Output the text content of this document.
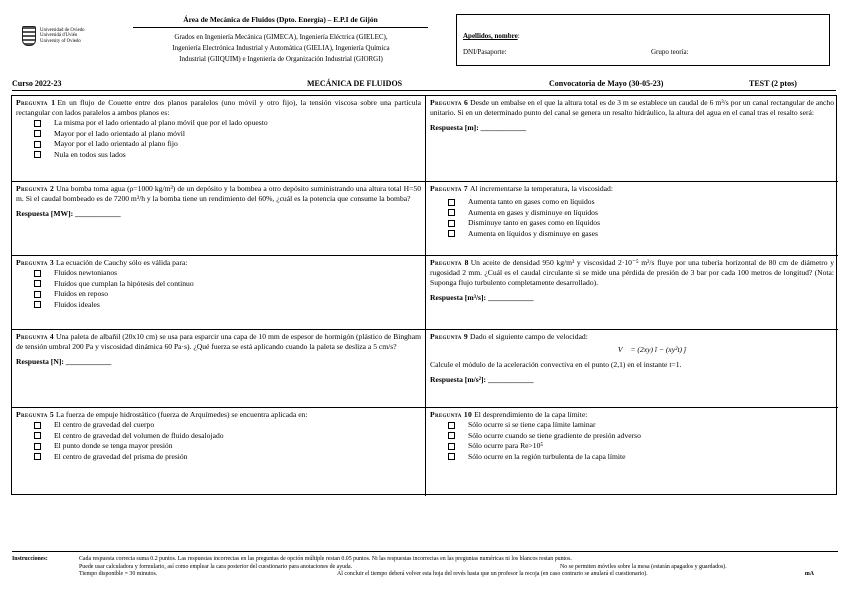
Universidad de Oviedo
Universidá d'Uviéu
University of Oviedo
Área de Mecánica de Fluidos (Dpto. Energía) – E.P.I de Gijón
Grados en Ingeniería Mecánica (GIMECA), Ingeniería Eléctrica (GIELEC),
Ingeniería Electrónica Industrial y Automática (GIELIA), Ingeniería Química
Industrial (GIIQUIM) e Ingeniería de Organización Industrial (GIORGI)
Apellidos, nombre:
DNI/Pasaporte:	Grupo teoría:
Curso 2022-23	MECÁNICA DE FLUIDOS	Convocatoria de Mayo (30-05-23)	TEST (2 ptos)
Pregunta 1 En un flujo de Couette entre dos planos paralelos (uno móvil y otro fijo), la tensión viscosa sobre una partícula rectangular con lados paralelos a ambos planos es:
La misma por el lado orientado al plano móvil que por el lado opuesto
Mayor por el lado orientado al plano móvil
Mayor por el lado orientado al plano fijo
Nula en todos sus lados
Pregunta 6 Desde un embalse en el que la altura total es de 3 m se establece un caudal de 6 m³/s por un canal rectangular de ancho unitario. Si en un determinado punto del canal se genera un resalto hidráulico, la altura del agua en el canal tras el resalto será:
Respuesta [m]: ____________
Pregunta 2 Una bomba toma agua (ρ=1000 kg/m³) de un depósito y la bombea a otro depósito suministrando una altura total H=50 m. Si el caudal bombeado es de 7200 m³/h y la bomba tiene un rendimiento del 60%, ¿cuál es la potencia que consume la bomba?
Respuesta [MW]: ____________
Pregunta 7 Al incrementarse la temperatura, la viscosidad:
Aumenta tanto en gases como en líquidos
Aumenta en gases y disminuye en líquidos
Disminuye tanto en gases como en líquidos
Aumenta en líquidos y disminuye en gases
Pregunta 3 La ecuación de Cauchy sólo es válida para:
Fluidos newtonianos
Fluidos que cumplan la hipótesis del continuo
Fluidos en reposo
Fluidos ideales
Pregunta 8 Un aceite de densidad 950 kg/m³ y viscosidad 2·10⁻⁵ m²/s fluye por una tubería horizontal de 80 cm de diámetro y rugosidad 2 mm. ¿Cuál es el caudal circulante si se mide una pérdida de presión de 3 bar por cada 100 metros de longitud? (Nota: Suponga flujo turbulento completamente desarrollado).
Respuesta [m³/s]: ____________
Pregunta 4 Una paleta de albañil (20x10 cm) se usa para esparcir una capa de 10 mm de espesor de hormigón (plástico de Bingham de tensión umbral 200 Pa y viscosidad dinámica 60 Pa·s). ¿Qué fuerza se está aplicando cuando la paleta se desliza a 5 cm/s?
Respuesta [N]: ____________
Pregunta 9 Dado el siguiente campo de velocidad:
V⃗ = (2xy) î − (xy²t) ĵ
Calcule el módulo de la aceleración convectiva en el punto (2,1) en el instante t=1.
Respuesta [m/s²]: ____________
Pregunta 5 La fuerza de empuje hidrostático (fuerza de Arquímedes) se encuentra aplicada en:
El centro de gravedad del cuerpo
El centro de gravedad del volumen de fluido desalojado
El punto donde se tenga mayor presión
El centro de gravedad del prisma de presión
Pregunta 10 El desprendimiento de la capa límite:
Sólo ocurre si se tiene capa límite laminar
Sólo ocurre cuando se tiene gradiente de presión adverso
Sólo ocurre para Re>10⁵
Sólo ocurre en la región turbulenta de la capa límite
Instrucciones:	Cada respuesta correcta suma 0.2 puntos. Las respuestas incorrectas en las preguntas de opción múltiple restan 0.05 puntos. Ni las respuestas incorrectas en las preguntas numéricas ni los blancos restan puntos.
Puede usar calculadora y formulario, así como emplear la cara posterior del cuestionario para anotaciones de ayuda.	No se permiten móviles sobre la mesa (estarán apagados y guardados).
Tiempo disponible = 30 minutos.	Al concluir el tiempo deberá volver esta hoja del revés hasta que un profesor la recoja (en caso contrario se anulará el cuestionario).	mA
